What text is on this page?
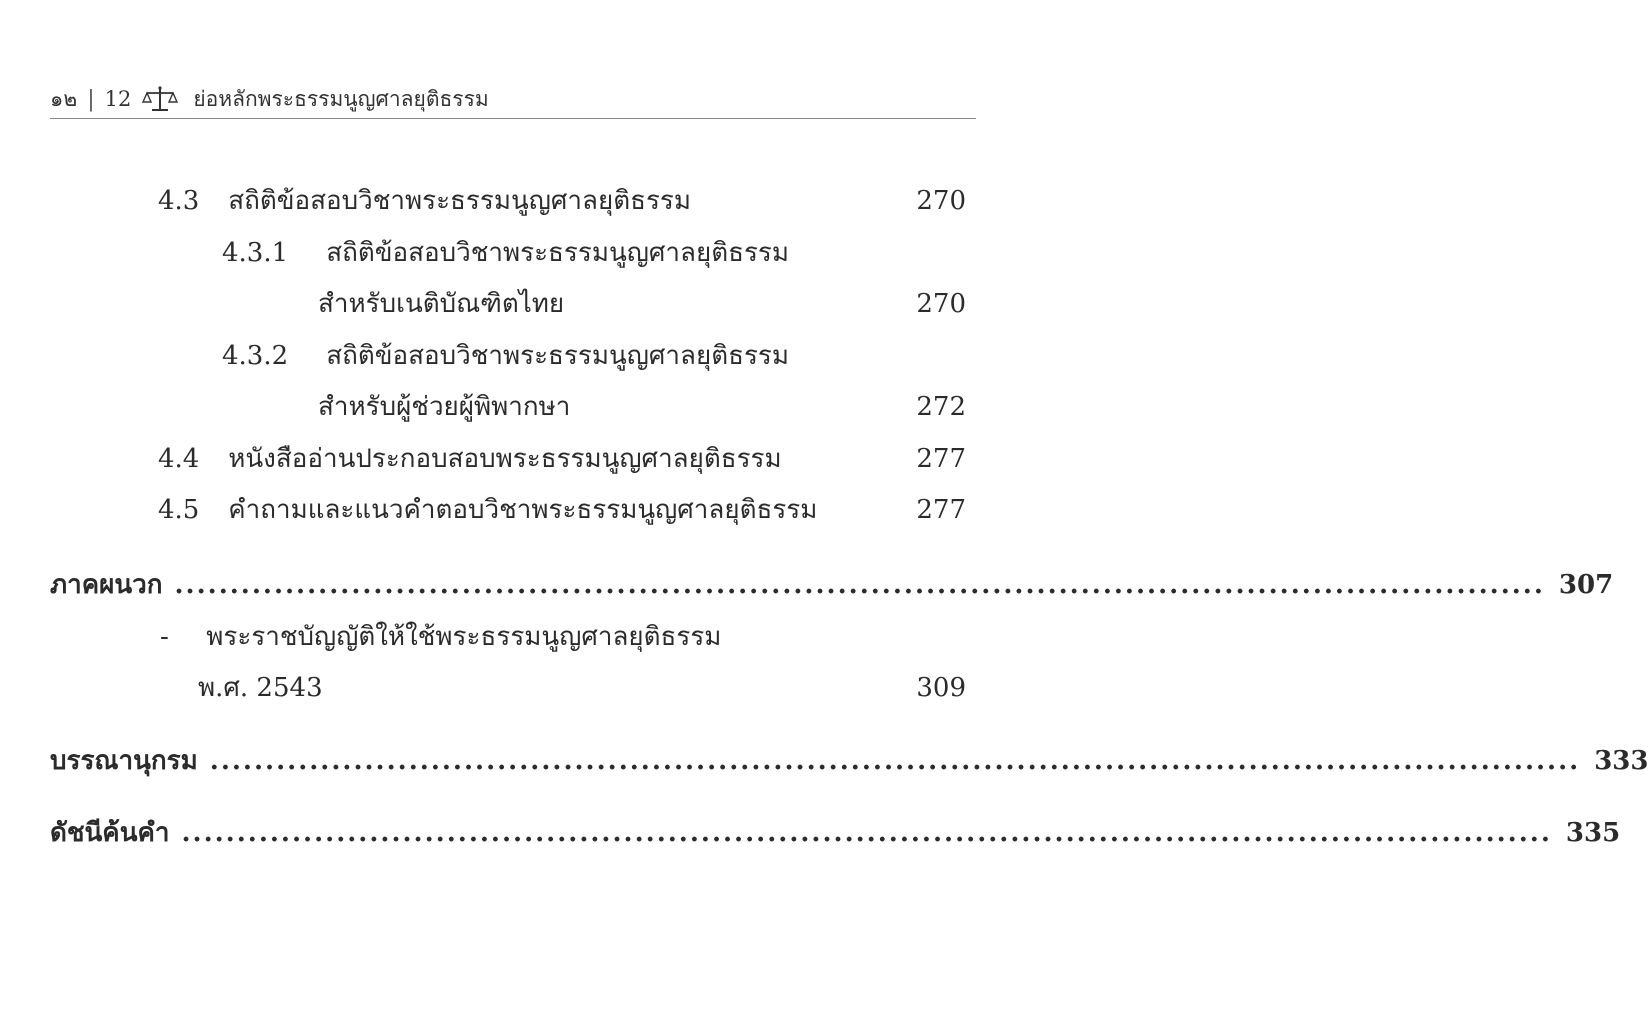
๑๒ | 12	ย่อหลักพระธรรมนูญศาลยุติธรรม
4.3 สถิติข้อสอบวิชาพระธรรมนูญศาลยุติธรรม	270
4.3.1 สถิติข้อสอบวิชาพระธรรมนูญศาลยุติธรรม
สำหรับเนติบัณฑิตไทย	270
4.3.2 สถิติข้อสอบวิชาพระธรรมนูญศาลยุติธรรม
สำหรับผู้ช่วยผู้พิพากษา	272
4.4 หนังสืออ่านประกอบสอบพระธรรมนูญศาลยุติธรรม	277
4.5 คำถามและแนวคำตอบวิชาพระธรรมนูญศาลยุติธรรม	277
ภาคผนวก ............................................................................................................................ 307
- พระราชบัญญัติให้ใช้พระธรรมนูญศาลยุติธรรม
พ.ศ. 2543	309
บรรณานุกรม ............................................................................................................................ 333
ดัชนีค้นคำ ............................................................................................................................ 335
